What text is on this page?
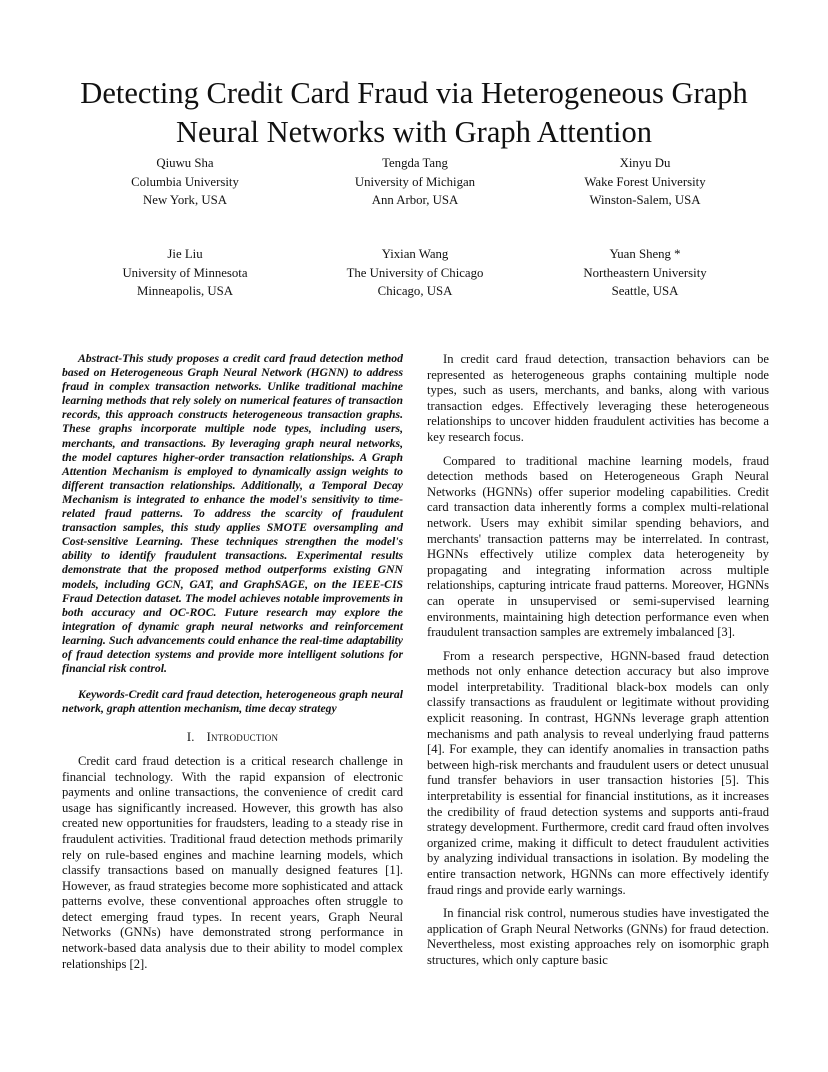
Detecting Credit Card Fraud via Heterogeneous Graph Neural Networks with Graph Attention
Qiuwu Sha
Columbia University
New York, USA
Tengda Tang
University of Michigan
Ann Arbor, USA
Xinyu Du
Wake Forest University
Winston-Salem, USA
Jie Liu
University of Minnesota
Minneapolis, USA
Yixian Wang
The University of Chicago
Chicago, USA
Yuan Sheng *
Northeastern University
Seattle, USA

Abstract-This study proposes a credit card fraud detection method based on Heterogeneous Graph Neural Network (HGNN) to address fraud in complex transaction networks. Unlike traditional machine learning methods that rely solely on numerical features of transaction records, this approach constructs heterogeneous transaction graphs. These graphs incorporate multiple node types, including users, merchants, and transactions. By leveraging graph neural networks, the model captures higher-order transaction relationships. A Graph Attention Mechanism is employed to dynamically assign weights to different transaction relationships. Additionally, a Temporal Decay Mechanism is integrated to enhance the model's sensitivity to time-related fraud patterns. To address the scarcity of fraudulent transaction samples, this study applies SMOTE oversampling and Cost-sensitive Learning. These techniques strengthen the model's ability to identify fraudulent transactions. Experimental results demonstrate that the proposed method outperforms existing GNN models, including GCN, GAT, and GraphSAGE, on the IEEE-CIS Fraud Detection dataset. The model achieves notable improvements in both accuracy and OC-ROC. Future research may explore the integration of dynamic graph neural networks and reinforcement learning. Such advancements could enhance the real-time adaptability of fraud detection systems and provide more intelligent solutions for financial risk control.

Keywords-Credit card fraud detection, heterogeneous graph neural network, graph attention mechanism, time decay strategy

I. Introduction

Credit card fraud detection is a critical research challenge in financial technology. With the rapid expansion of electronic payments and online transactions, the convenience of credit card usage has significantly increased. However, this growth has also created new opportunities for fraudsters, leading to a steady rise in fraudulent activities. Traditional fraud detection methods primarily rely on rule-based engines and machine learning models, which classify transactions based on manually designed features [1]. However, as fraud strategies become more sophisticated and attack patterns evolve, these conventional approaches often struggle to detect emerging fraud types. In recent years, Graph Neural Networks (GNNs) have demonstrated strong performance in network-based data analysis due to their ability to model complex relationships [2].

In credit card fraud detection, transaction behaviors can be represented as heterogeneous graphs containing multiple node types, such as users, merchants, and banks, along with various transaction edges. Effectively leveraging these heterogeneous relationships to uncover hidden fraudulent activities has become a key research focus.

Compared to traditional machine learning models, fraud detection methods based on Heterogeneous Graph Neural Networks (HGNNs) offer superior modeling capabilities. Credit card transaction data inherently forms a complex multi-relational network. Users may exhibit similar spending behaviors, and merchants' transaction patterns may be interrelated. In contrast, HGNNs effectively utilize complex data heterogeneity by propagating and integrating information across multiple relationships, capturing intricate fraud patterns. Moreover, HGNNs can operate in unsupervised or semi-supervised learning environments, maintaining high detection performance even when fraudulent transaction samples are extremely imbalanced [3].

From a research perspective, HGNN-based fraud detection methods not only enhance detection accuracy but also improve model interpretability. Traditional black-box models can only classify transactions as fraudulent or legitimate without providing explicit reasoning. In contrast, HGNNs leverage graph attention mechanisms and path analysis to reveal underlying fraud patterns [4]. For example, they can identify anomalies in transaction paths between high-risk merchants and fraudulent users or detect unusual fund transfer behaviors in user transaction histories [5]. This interpretability is essential for financial institutions, as it increases the credibility of fraud detection systems and supports anti-fraud strategy development. Furthermore, credit card fraud often involves organized crime, making it difficult to detect fraudulent activities by analyzing individual transactions in isolation. By modeling the entire transaction network, HGNNs can more effectively identify fraud rings and provide early warnings.

In financial risk control, numerous studies have investigated the application of Graph Neural Networks (GNNs) for fraud detection. Nevertheless, most existing approaches rely on isomorphic graph structures, which only capture basic
